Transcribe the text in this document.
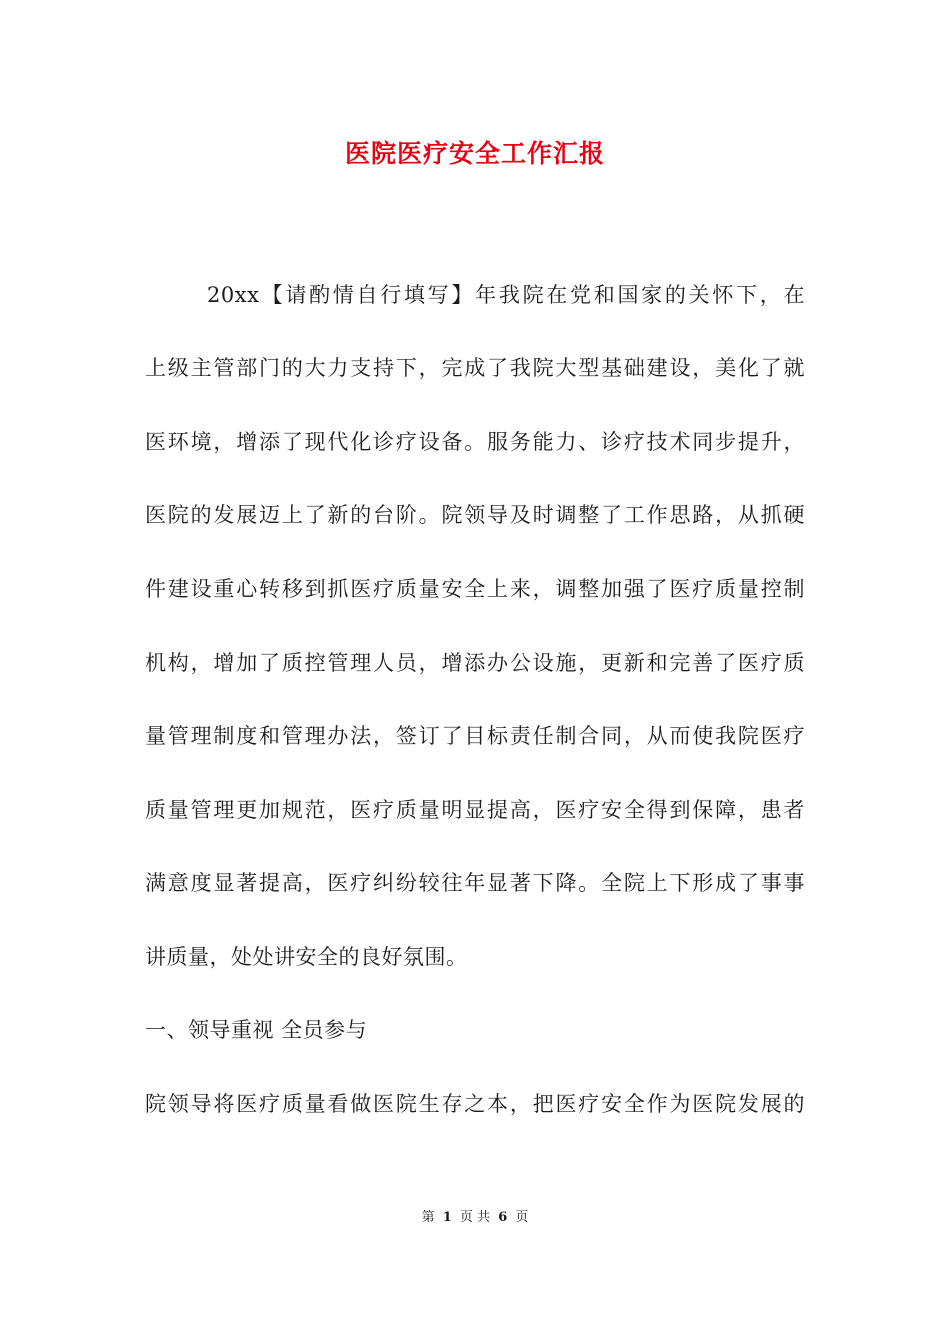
医院医疗安全工作汇报
20xx【请酌情自行填写】年我院在党和国家的关怀下，在
上级主管部门的大力支持下，完成了我院大型基础建设，美化了就
医环境，增添了现代化诊疗设备。服务能力、诊疗技术同步提升，
医院的发展迈上了新的台阶。院领导及时调整了工作思路，从抓硬
件建设重心转移到抓医疗质量安全上来，调整加强了医疗质量控制
机构，增加了质控管理人员，增添办公设施，更新和完善了医疗质
量管理制度和管理办法，签订了目标责任制合同，从而使我院医疗
质量管理更加规范，医疗质量明显提高，医疗安全得到保障，患者
满意度显著提高，医疗纠纷较往年显著下降。全院上下形成了事事
讲质量，处处讲安全的良好氛围。
一、领导重视 全员参与
院领导将医疗质量看做医院生存之本，把医疗安全作为医院发展的
第 1 页 共 6 页
